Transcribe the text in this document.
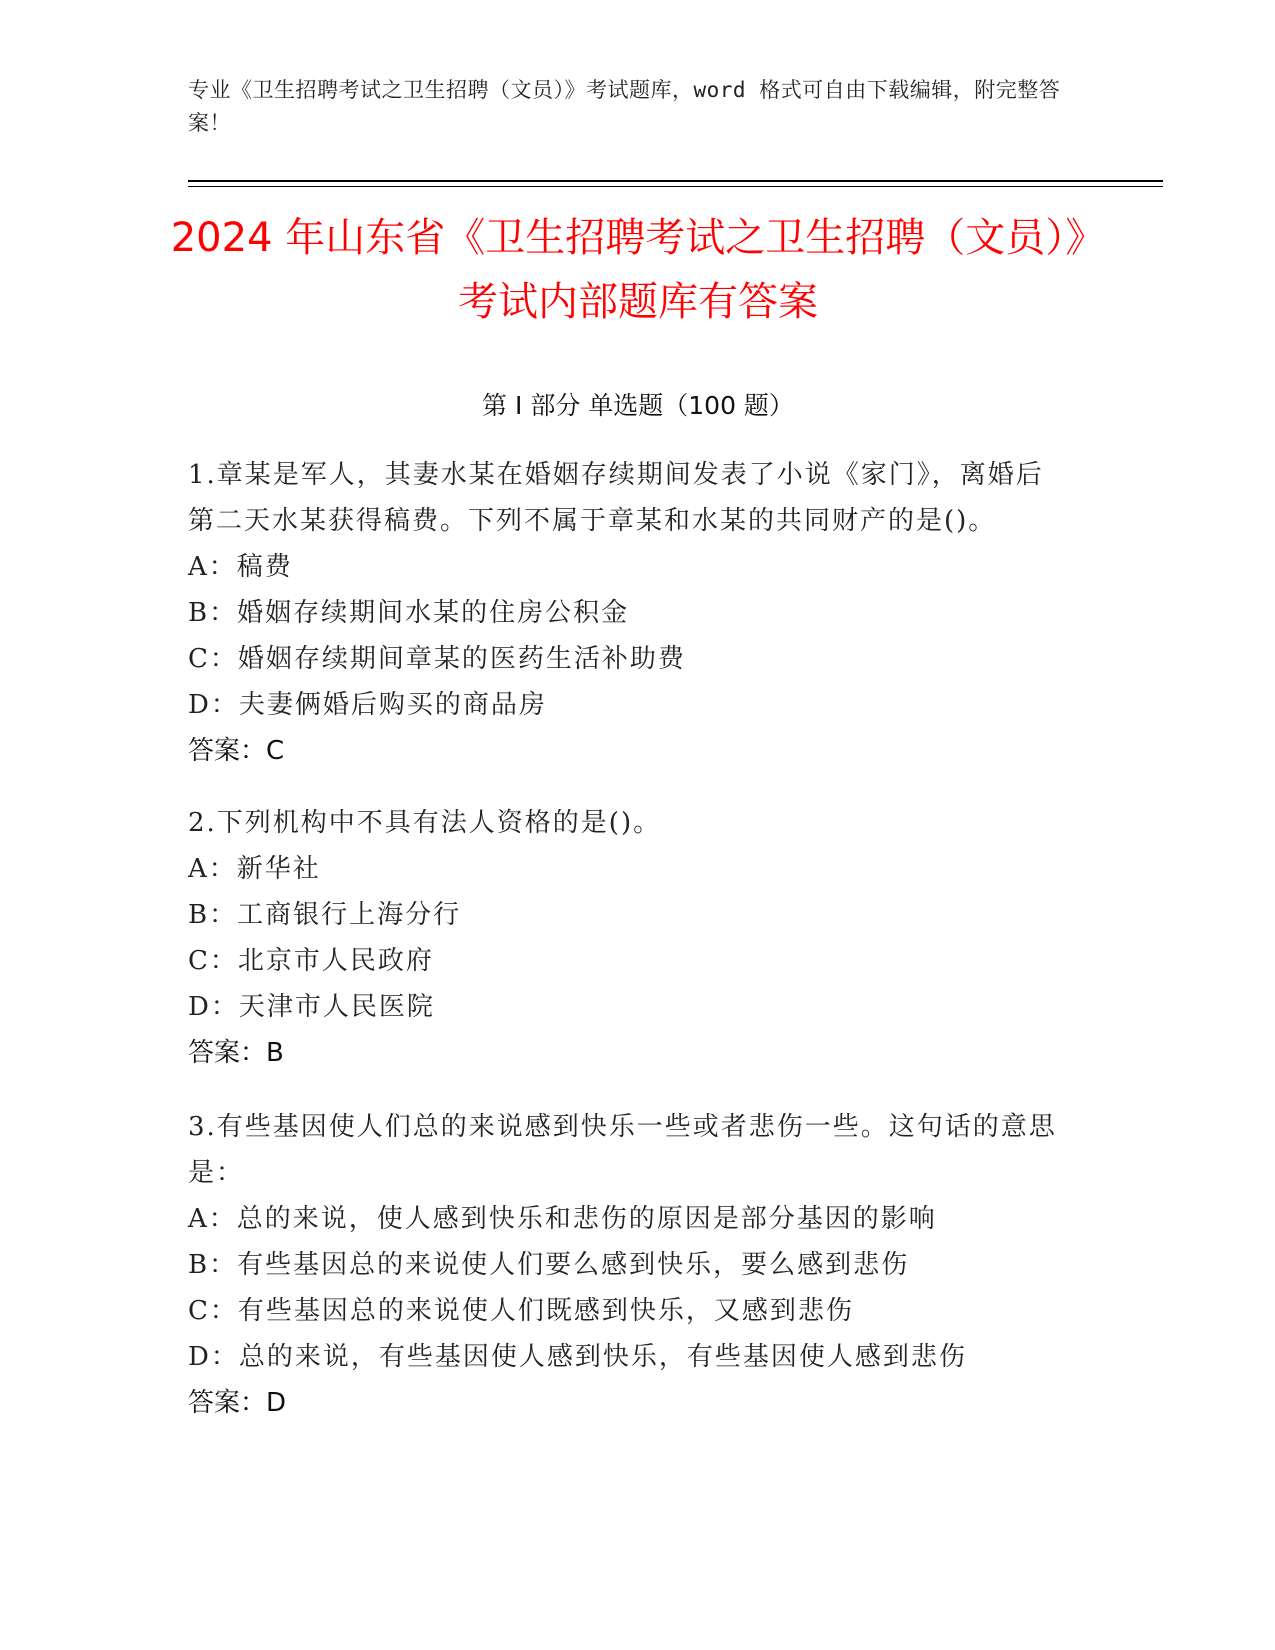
专业《卫生招聘考试之卫生招聘（文员）》考试题库，word 格式可自由下载编辑，附完整答案！
2024 年山东省《卫生招聘考试之卫生招聘（文员）》考试内部题库有答案
第 I 部分 单选题（100 题）
1.章某是军人，其妻水某在婚姻存续期间发表了小说《家门》，离婚后第二天水某获得稿费。下列不属于章某和水某的共同财产的是()。
A：稿费
B：婚姻存续期间水某的住房公积金
C：婚姻存续期间章某的医药生活补助费
D：夫妻俩婚后购买的商品房
答案：C
2.下列机构中不具有法人资格的是()。
A：新华社
B：工商银行上海分行
C：北京市人民政府
D：天津市人民医院
答案：B
3.有些基因使人们总的来说感到快乐一些或者悲伤一些。这句话的意思是：
A：总的来说，使人感到快乐和悲伤的原因是部分基因的影响
B：有些基因总的来说使人们要么感到快乐，要么感到悲伤
C：有些基因总的来说使人们既感到快乐，又感到悲伤
D：总的来说，有些基因使人感到快乐，有些基因使人感到悲伤
答案：D
